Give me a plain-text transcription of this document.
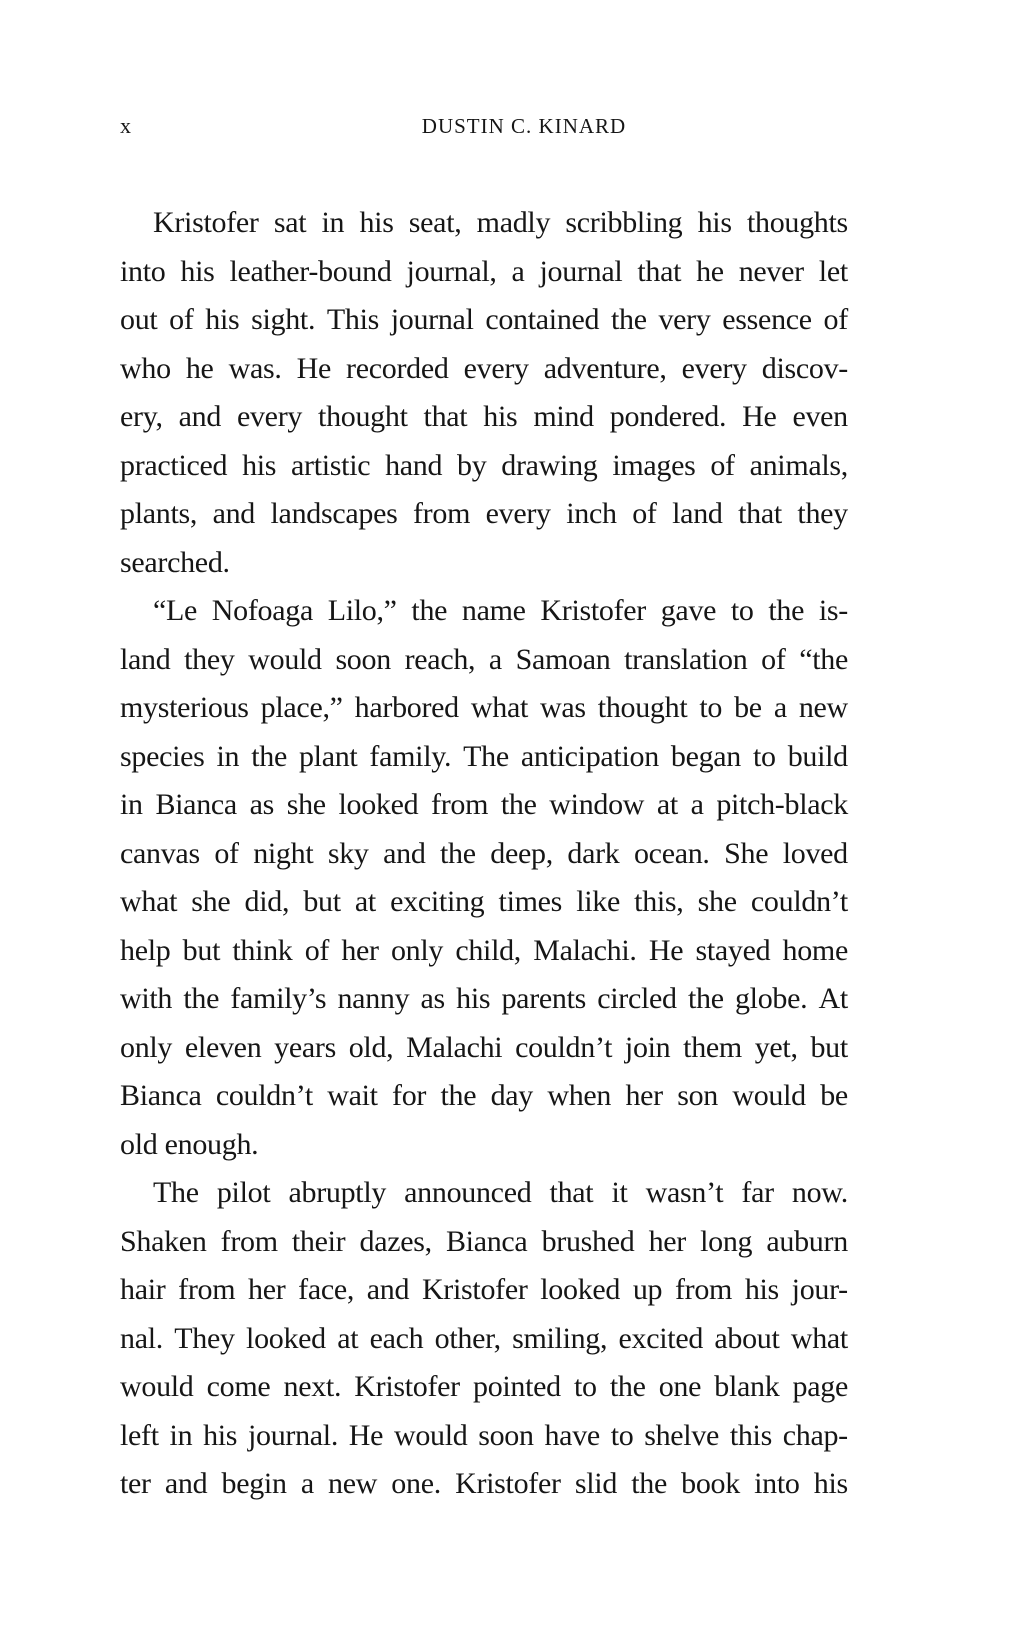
x	DUSTIN C. KINARD
Kristofer sat in his seat, madly scribbling his thoughts
into his leather-bound journal, a journal that he never let
out of his sight. This journal contained the very essence of
who he was. He recorded every adventure, every discov-
ery, and every thought that his mind pondered. He even
practiced his artistic hand by drawing images of animals,
plants, and landscapes from every inch of land that they
searched.
“Le Nofoaga Lilo,” the name Kristofer gave to the is-
land they would soon reach, a Samoan translation of “the
mysterious place,” harbored what was thought to be a new
species in the plant family. The anticipation began to build
in Bianca as she looked from the window at a pitch-black
canvas of night sky and the deep, dark ocean. She loved
what she did, but at exciting times like this, she couldn’t
help but think of her only child, Malachi. He stayed home
with the family’s nanny as his parents circled the globe. At
only eleven years old, Malachi couldn’t join them yet, but
Bianca couldn’t wait for the day when her son would be
old enough.
The pilot abruptly announced that it wasn’t far now.
Shaken from their dazes, Bianca brushed her long auburn
hair from her face, and Kristofer looked up from his jour-
nal. They looked at each other, smiling, excited about what
would come next. Kristofer pointed to the one blank page
left in his journal. He would soon have to shelve this chap-
ter and begin a new one. Kristofer slid the book into his
